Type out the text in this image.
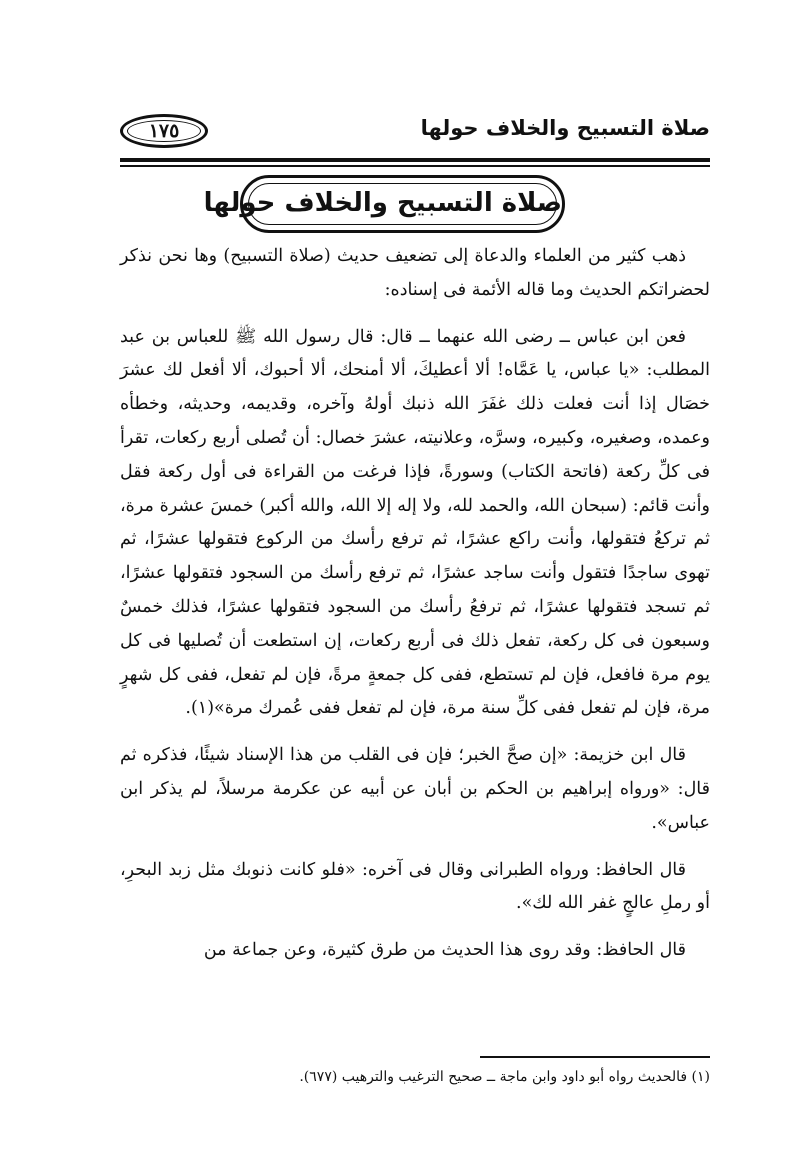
١٧٥	صلاة التسبيح والخلاف حولها
صلاة التسبيح والخلاف حولها

ذهب كثير من العلماء والدعاة إلى تضعيف حديث (صلاة التسبيح) وها نحن نذكر لحضراتكم الحديث وما قاله الأئمة فى إسناده:

فعن ابن عباس ــ رضى الله عنهما ــ قال: قال رسول الله ﷺ للعباس بن عبد المطلب: «يا عباس، يا عَمَّاه! ألا أعطيكَ، ألا أمنحك، ألا أحبوك، ألا أفعل لك عشرَ خصَال إذا أنت فعلت ذلك غفَرَ الله ذنبك أولهُ وآخره، وقديمه، وحديثه، وخطأه وعمده، وصغيره، وكبيره، وسرَّه، وعلانيته، عشرَ خصال: أن تُصلى أربع ركعات، تقرأ فى كلِّ ركعة (فاتحة الكتاب) وسورةً، فإذا فرغت من القراءة فى أول ركعة فقل وأنت قائم: (سبحان الله، والحمد لله، ولا إله إلا الله، والله أكبر) خمسَ عشرة مرة، ثم تركعُ فتقولها، وأنت راكع عشرًا، ثم ترفع رأسك من الركوع فتقولها عشرًا، ثم تهوى ساجدًا فتقول وأنت ساجد عشرًا، ثم ترفع رأسك من السجود فتقولها عشرًا، ثم تسجد فتقولها عشرًا، ثم ترفعُ رأسك من السجود فتقولها عشرًا، فذلك خمسٌ وسبعون فى كل ركعة، تفعل ذلك فى أربع ركعات، إن استطعت أن تُصليها فى كل يوم مرة فافعل، فإن لم تستطع، ففى كل جمعةٍ مرةً، فإن لم تفعل، ففى كل شهرٍ مرة، فإن لم تفعل ففى كلِّ سنة مرة، فإن لم تفعل ففى عُمرك مرة»(١).

قال ابن خزيمة: «إن صحَّ الخبر؛ فإن فى القلب من هذا الإسناد شيئًا، فذكره ثم قال: «ورواه إبراهيم بن الحكم بن أبان عن أبيه عن عكرمة مرسلاً، لم يذكر ابن عباس».

قال الحافظ: ورواه الطبرانى وقال فى آخره: «فلو كانت ذنوبك مثل زبد البحرِ، أو رملِ عالجٍ غفر الله لك».

قال الحافظ: وقد روى هذا الحديث من طرق كثيرة، وعن جماعة من

(١) فالحديث رواه أبو داود وابن ماجة ــ صحيح الترغيب والترهيب (٦٧٧).
